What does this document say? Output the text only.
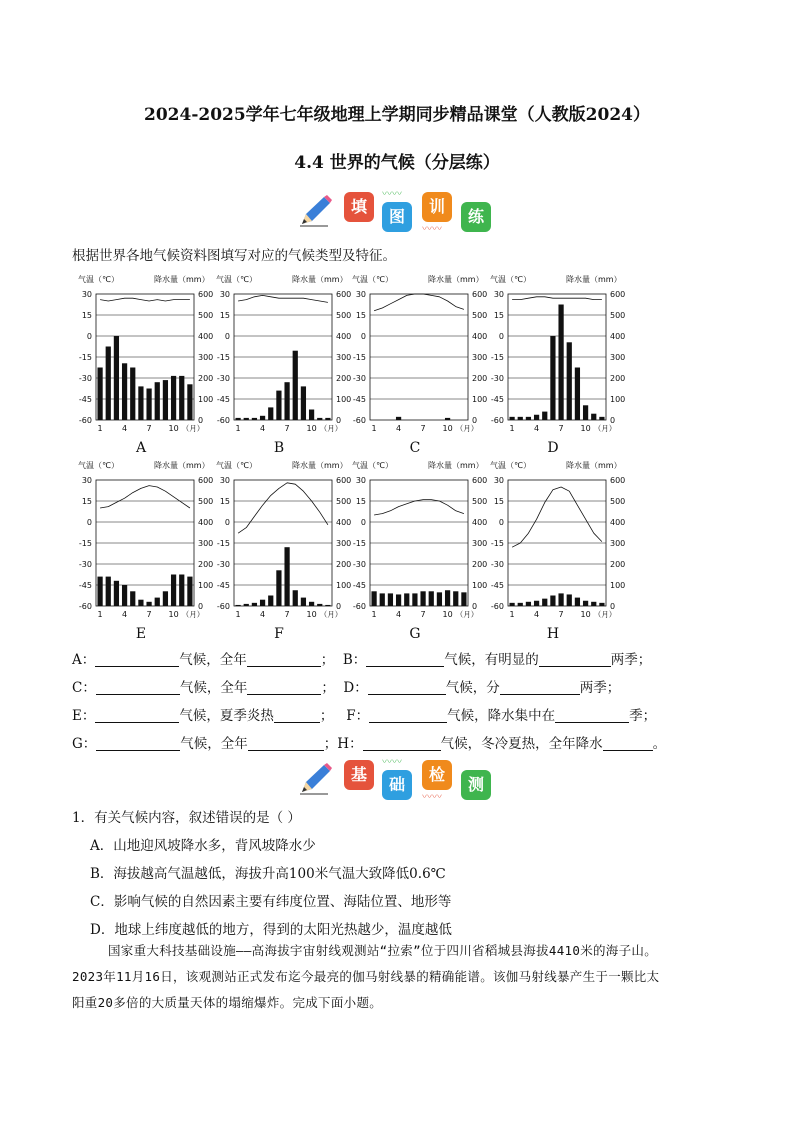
2024-2025学年七年级地理上学期同步精品课堂（人教版2024）
4.4 世界的气候（分层练）
填
〰〰
图
训
〰〰
练
根据世界各地气候资料图填写对应的气候类型及特征。
气温（℃）	降水量（mm）
30	600
15	500
0	400
-15	300
-30	200
-45	100
-60	0
1 4 7 10 （月）
A
气温（℃）	降水量（mm）
30	600
15	500
0	400
-15	300
-30	200
-45	100
-60	0
1 4 7 10 （月）
B
气温（℃）	降水量（mm）
30	600
15	500
0	400
-15	300
-30	200
-45	100
-60	0
1 4 7 10 （月）
C
气温（℃）	降水量（mm）
30	600
15	500
0	400
-15	300
-30	200
-45	100
-60	0
1 4 7 10 （月）
D
气温（℃）	降水量（mm）
30	600
15	500
0	400
-15	300
-30	200
-45	100
-60	0
1 4 7 10 （月）
E
气温（℃）	降水量（mm）
30	600
15	500
0	400
-15	300
-30	200
-45	100
-60	0
1 4 7 10 （月）
F
气温（℃）	降水量（mm）
30	600
15	500
0	400
-15	300
-30	200
-45	100
-60	0
1 4 7 10 （月）
G
气温（℃）	降水量（mm）
30	600
15	500
0	400
-15	300
-30	200
-45	100
-60	0
1 4 7 10 （月）
H
A：	气候，全年	；  B：	气候，有明显的	两季；
C：	气候，全年	；  D：	气候，分	两季；
E：	气候，夏季炎热	；   F：	气候，降水集中在	季；
G：	气候，全年	；H：	气候，冬冷夏热，全年降水	。
基
〰〰
础
检
〰〰
测
1．有关气候内容，叙述错误的是（ ）
A．山地迎风坡降水多，背风坡降水少
B．海拔越高气温越低，海拔升高100米气温大致降低0.6℃
C．影响气候的自然因素主要有纬度位置、海陆位置、地形等
D．地球上纬度越低的地方，得到的太阳光热越少，温度越低
国家重大科技基础设施——高海拔宇宙射线观测站“拉索”位于四川省稻城县海拔4410米的海子山。
2023年11月16日，该观测站正式发布迄今最亮的伽马射线暴的精确能谱。该伽马射线暴产生于一颗比太
阳重20多倍的大质量天体的塌缩爆炸。完成下面小题。
